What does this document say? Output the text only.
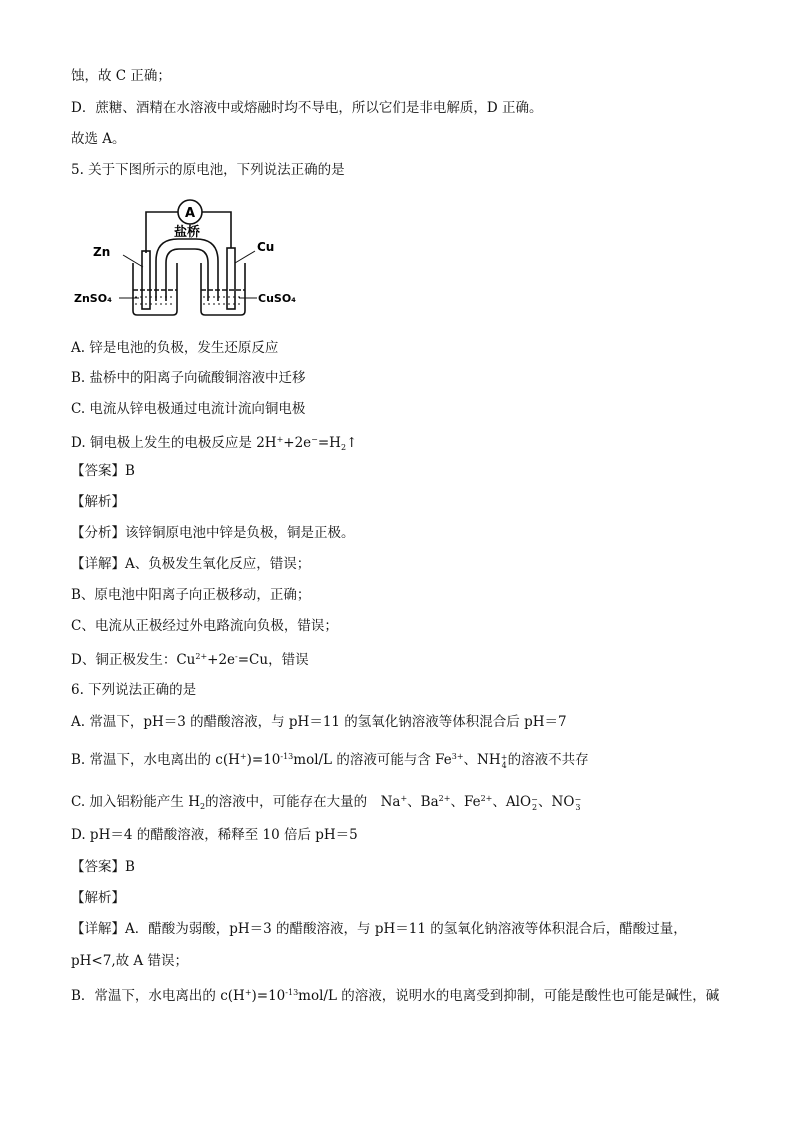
蚀，故 C 正确；
D．蔗糖、酒精在水溶液中或熔融时均不导电，所以它们是非电解质，D 正确。
故选 A。
5. 关于下图所示的原电池，下列说法正确的是
A
盐桥
Zn	Cu
ZnSO₄	CuSO₄
A. 锌是电池的负极，发生还原反应
B. 盐桥中的阳离子向硫酸铜溶液中迁移
C. 电流从锌电极通过电流计流向铜电极
D. 铜电极上发生的电极反应是 $2H^++2e^-=H_2↑$
【答案】B
【解析】
【分析】该锌铜原电池中锌是负极，铜是正极。
【详解】A、负极发生氧化反应，错误；
B、原电池中阳离子向正极移动，正确；
C、电流从正极经过外电路流向负极，错误；
D、铜正极发生：$Cu^{2+}+2e^-=Cu$，错误
6. 下列说法正确的是
A. 常温下，pH＝3 的醋酸溶液，与 pH＝11 的氢氧化钠溶液等体积混合后 pH＝7
B. 常温下，水电离出的 $c(H^+)=10^{-13}mol/L$ 的溶液可能与含 $Fe^{3+}$、NH +
4 的溶液不共存
C. 加入铝粉能产生 $H_2$的溶液中，可能存在大量的　Na+、$Ba^{2+}$、$Fe^{2+}$、AlO −
2 、NO −
3
D. pH＝4 的醋酸溶液，稀释至 10 倍后 pH＝5
【答案】B
【解析】
【详解】A．醋酸为弱酸，pH＝3 的醋酸溶液，与 pH＝11 的氢氧化钠溶液等体积混合后，醋酸过量，
pH<7,故 A 错误；
B．常温下，水电离出的 $c(H^+)=10^{-13}mol/L$ 的溶液，说明水的电离受到抑制，可能是酸性也可能是碱性，碱
